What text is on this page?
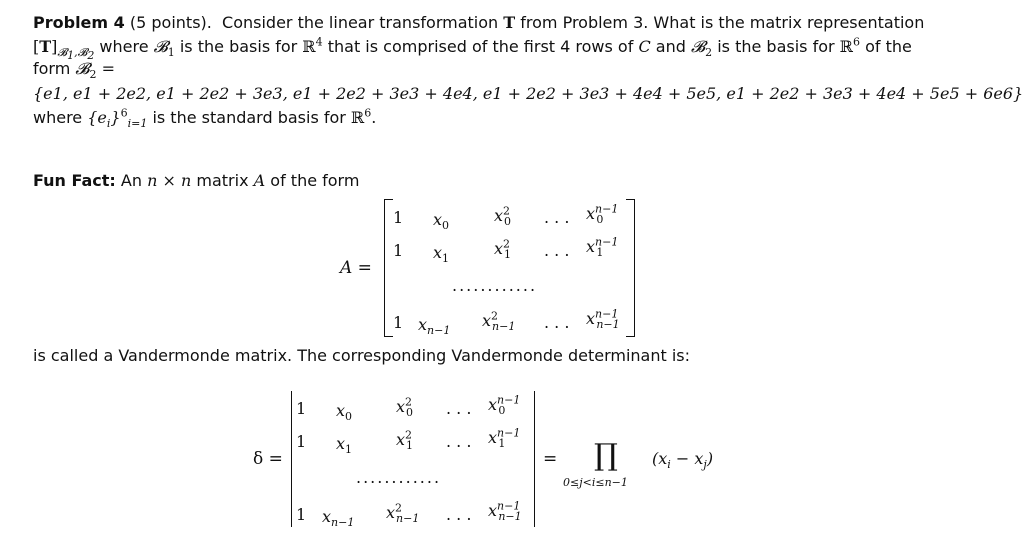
Problem 4 (5 points). Consider the linear transformation T from Problem 3. What is the matrix representation
$[T]_{𝓑_1,𝓑_2}$ where 𝓑$_1$ is the basis for ℝ$^4$ that is comprised of the first 4 rows of C and 𝓑$_2$ is the basis for ℝ$^6$ of the
form 𝓑$_2$ =
{e1, e1 + 2e2, e1 + 2e2 + 3e3, e1 + 2e2 + 3e3 + 4e4, e1 + 2e2 + 3e3 + 4e4 + 5e5, e1 + 2e2 + 3e3 + 4e4 + 5e5 + 6e6}
where $\{e_i\}^6_{i=1}$ is the standard basis for ℝ$^6$.
Fun Fact: An n × n matrix A of the form
A =
1 $x_0$
$x^2_0$ . . . $x^{n-1}_0$
1 $x_1$
$x^2_1$ . . . $x^{n-1}_1$
............
1 $x_{n-1}$
$x^2_{n-1}$ . . . $x^{n-1}_{n-1}$
is called a Vandermonde matrix. The corresponding Vandermonde determinant is:
δ =
1 $x_0$
$x^2_0$ . . . $x^{n-1}_0$
1 $x_1$
$x^2_1$ . . . $x^{n-1}_1$
............
1 $x_{n-1}$
$x^2_{n-1}$ . . . $x^{n-1}_{n-1}$
= ∏
0≤j<i≤n−1
$(x_i - x_j)$
